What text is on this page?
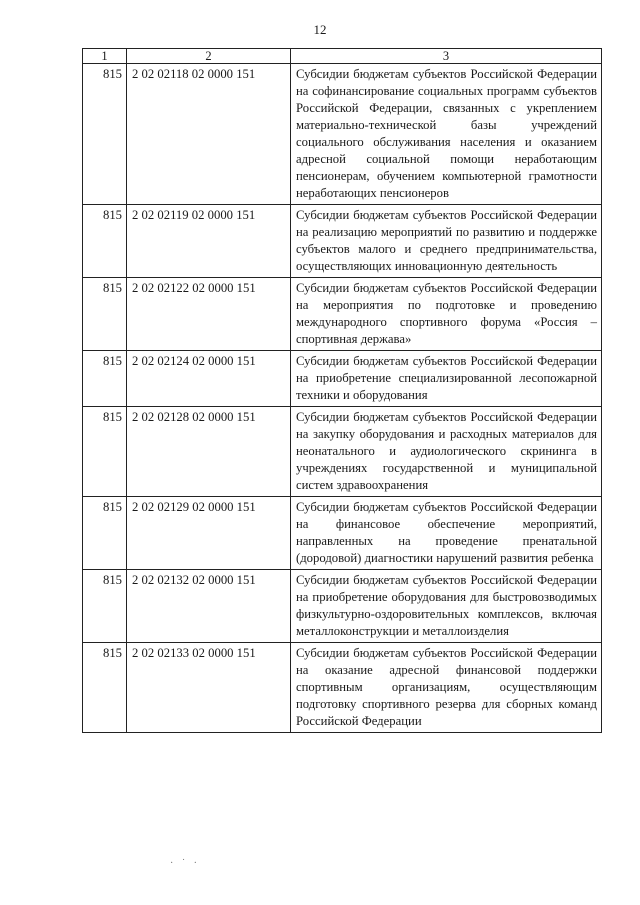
12
1	2	3
815	2 02 02118 02 0000 151	Субсидии бюджетам субъектов Российской Федерации на софинансирование социальных программ субъектов Российской Федерации, связанных с укреплением материально-технической базы учреждений социального обслуживания населения и оказанием адресной социальной помощи неработающим пенсионерам, обучением компьютерной грамотности неработающих пенсионеров
815	2 02 02119 02 0000 151	Субсидии бюджетам субъектов Российской Федерации на реализацию мероприятий по развитию и поддержке субъектов малого и среднего предпринимательства, осуществляющих инновационную деятельность
815	2 02 02122 02 0000 151	Субсидии бюджетам субъектов Российской Федерации на мероприятия по подготовке и проведению международного спортивного форума «Россия – спортивная держава»
815	2 02 02124 02 0000 151	Субсидии бюджетам субъектов Российской Федерации на приобретение специализированной лесопожарной техники и оборудования
815	2 02 02128 02 0000 151	Субсидии бюджетам субъектов Российской Федерации на закупку оборудования и расходных материалов для неонатального и аудиологического скрининга в учреждениях государственной и муниципальной систем здравоохранения
815	2 02 02129 02 0000 151	Субсидии бюджетам субъектов Российской Федерации на финансовое обеспечение мероприятий, направленных на проведение пренатальной (дородовой) диагностики нарушений развития ребенка
815	2 02 02132 02 0000 151	Субсидии бюджетам субъектов Российской Федерации на приобретение оборудования для быстровозводимых физкультурно-оздоровительных комплексов, включая металлоконструкции и металлоизделия
815	2 02 02133 02 0000 151	Субсидии бюджетам субъектов Российской Федерации на оказание адресной финансовой поддержки спортивным организациям, осуществляющим подготовку спортивного резерва для сборных команд Российской Федерации
· ˙ ·
